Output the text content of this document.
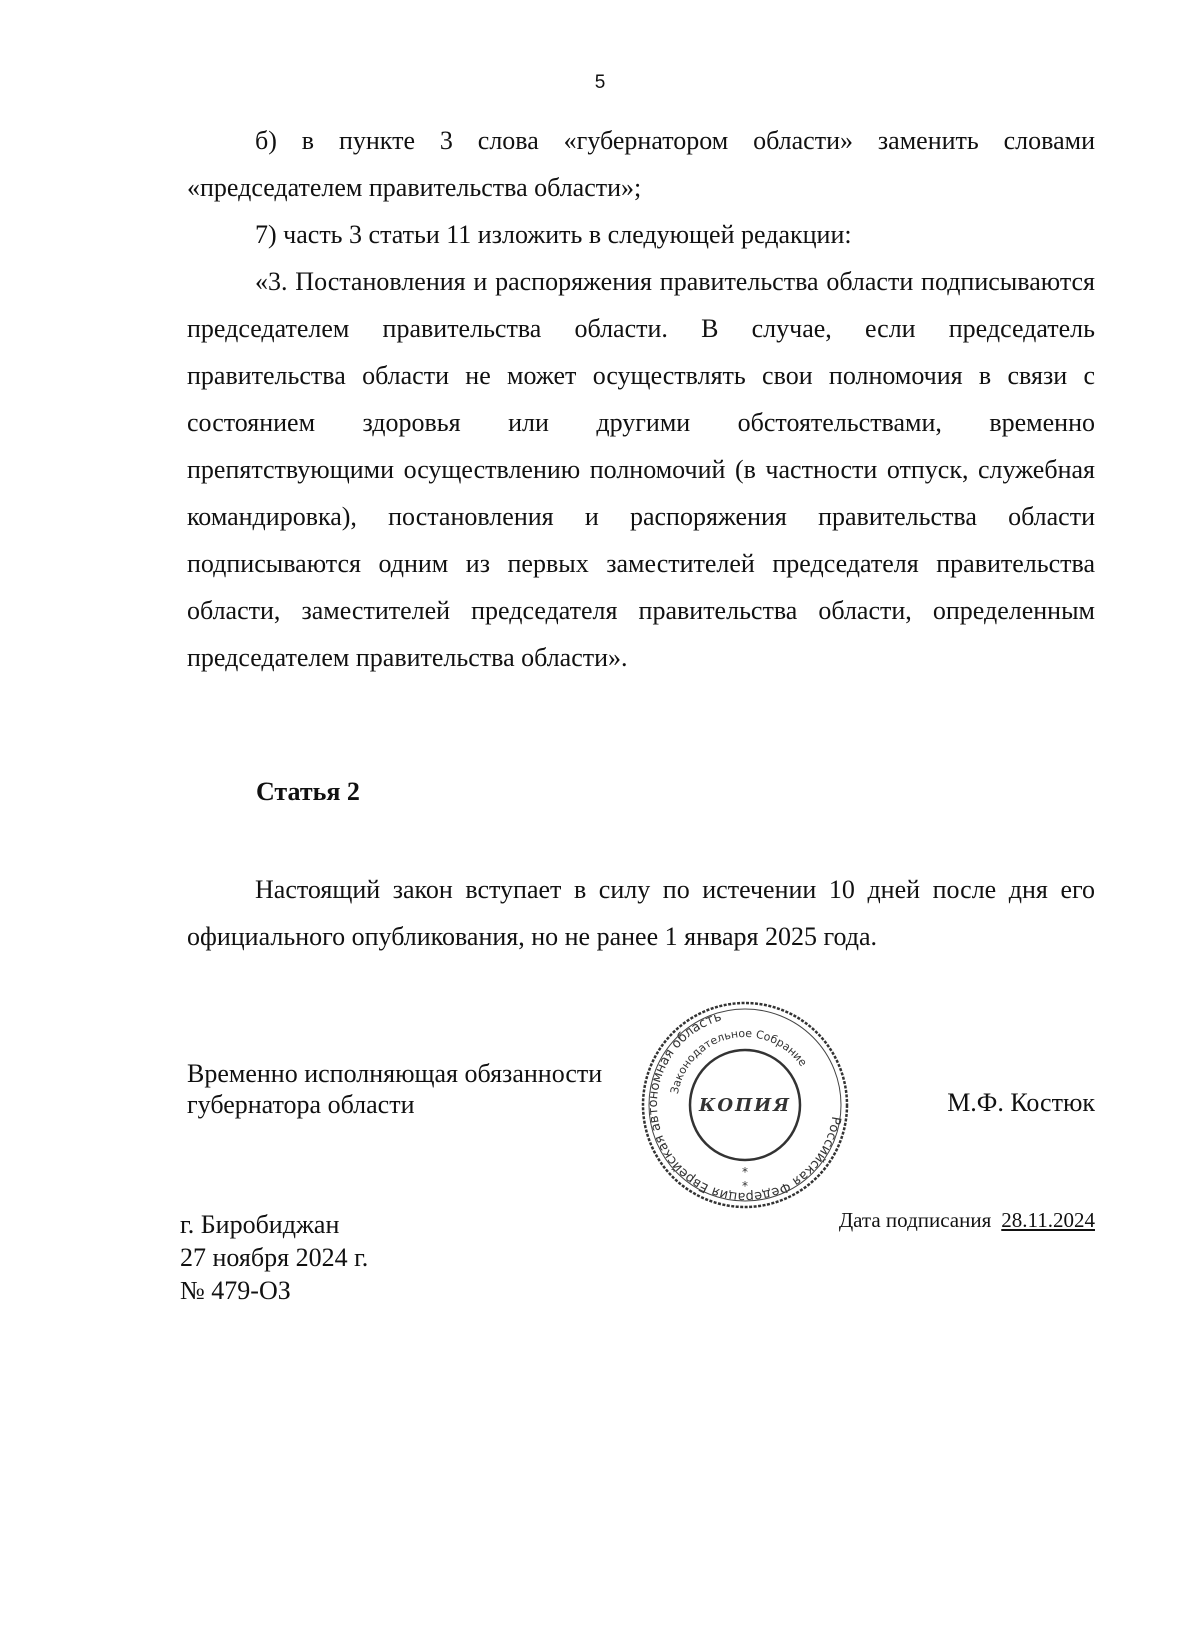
5

б) в пункте 3 слова «губернатором области» заменить словами «председателем правительства области»;

7) часть 3 статьи 11 изложить в следующей редакции:

«3. Постановления и распоряжения правительства области подписываются председателем правительства области. В случае, если председатель правительства области не может осуществлять свои полномочия в связи с состоянием здоровья или другими обстоятельствами, временно препятствующими осуществлению полномочий (в частности отпуск, служебная командировка), постановления и распоряжения правительства области подписываются одним из первых заместителей председателя правительства области, заместителей председателя правительства области, определенным председателем правительства области».

Статья 2
Настоящий закон вступает в силу по истечении 10 дней после дня его официального опубликования, но не ранее 1 января 2025 года.
Временно исполняющая обязанности
губернатора области
Российская Федерация Еврейская автономная область
Законодательное Собрание
КОПИЯ
*
*
М.Ф. Костюк
г. Биробиджан
27 ноября 2024 г.
№ 479-ОЗ
Дата подписания 28.11.2024
